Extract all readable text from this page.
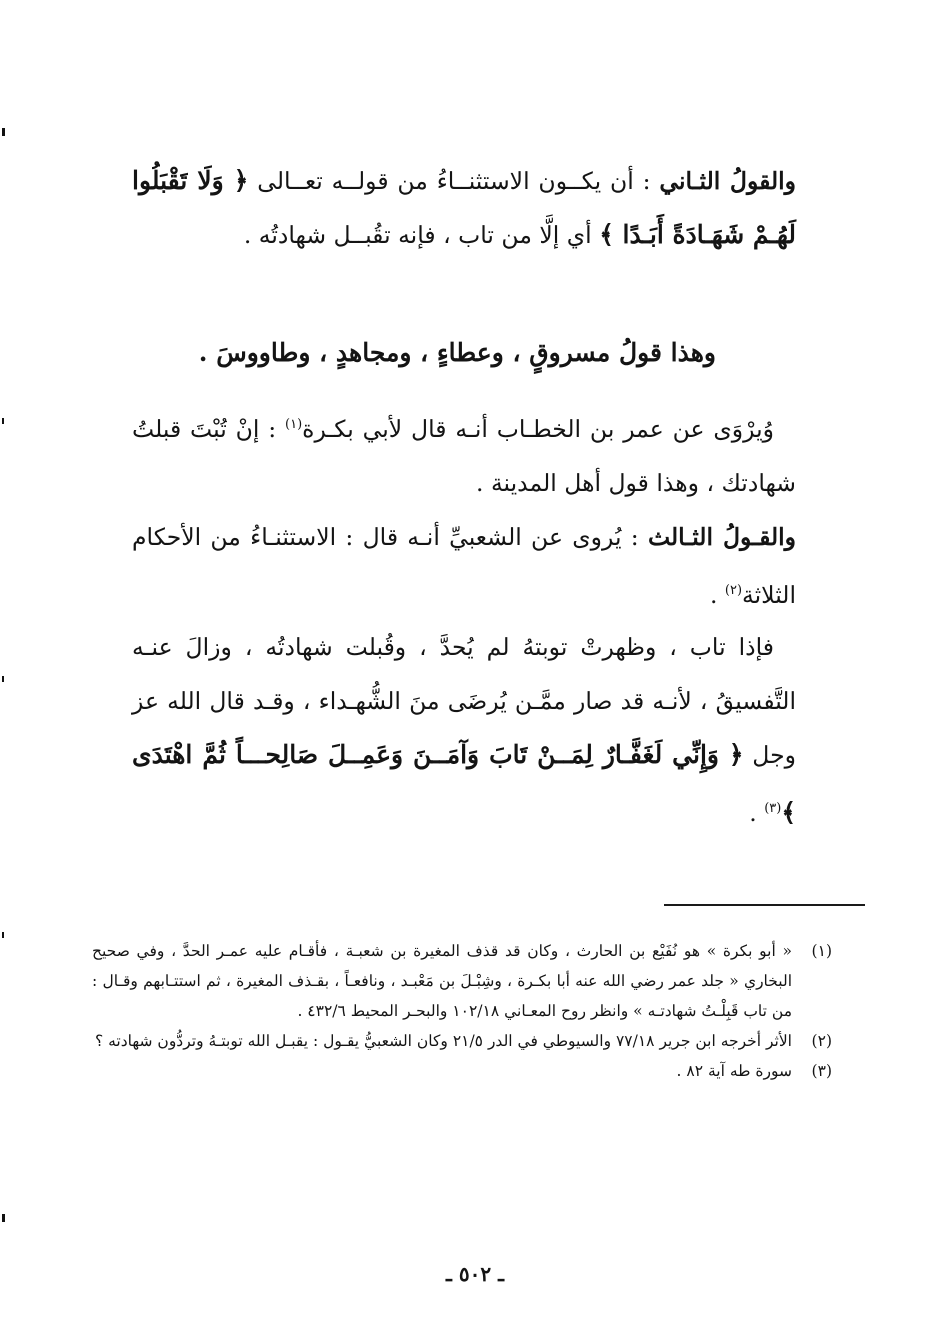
والقولُ الثـاني : أن يكــون الاستثنــاءُ من قولــه تعــالى ﴿ وَلَا تَقْبَلُوا لَهُـمْ شَهَـادَةً أَبَـدًا ﴾ أي إلَّا من تاب ، فإنه تقُبــل شهادتُه .

وهذا قولُ مسروقٍ ، وعطاءٍ ، ومجاهدٍ ، وطاووسَ .

وُيرْوَى عن عمر بن الخطـاب أنـه قال لأبي بكـرة$^{(١)}$ : إنْ تُبْتَ قبلتُ شهادتك ، وهذا قول أهل المدينة .

والقـولُ الثـالث : يُروى عن الشعبيِّ أنـه قال : الاستثنـاءُ من الأحكام الثلاثة$^{(٢)}$ .

فإذا تاب ، وظهرتْ توبتهُ لم يُحدَّ ، وقُبلت شهادتُه ، وزالَ عنـه التَّفسيقُ ، لأنـه قد صار ممَّـن يُرضَى منَ الشُّهـداء ، وقـد قال الله عز وجل ﴿ وَإِنِّي لَغَفَّـارٌ لِمَــنْ تَابَ وَآمَــنَ وَعَمِــلَ صَالِحـــاً ثُمَّ اهْتَدَى ﴾$^{(٣)}$ .

(١)
« أبو بكرة » هو نُفَيْع بن الحارث ، وكان قد قذف المغيرة بن شعبـة ، فأقـام عليه عمـر الحدَّ ، وفي صحيح البخاري « جلد عمر رضي الله عنه أبا بكـرة ، وشِبْـلَ بن مَعْبـد ، ونافعـاً ، بقـذف المغيرة ، ثم استتـابهم وقـال : من تاب قَبِلْـتُ شهادتـه » وانظر روح المعـاني ١٠٢/١٨ والبحـر المحيط ٤٣٢/٦ .
(٢)
الأثر أخرجه ابن جرير ٧٧/١٨ والسيوطي في الدر ٢١/٥ وكان الشعبيُّ يقـول : يقبـل الله توبتـهُ وتردُّون شهادته ؟
(٣)
سورة طه آية ٨٢ .
ـ ٥٠٢ ـ
